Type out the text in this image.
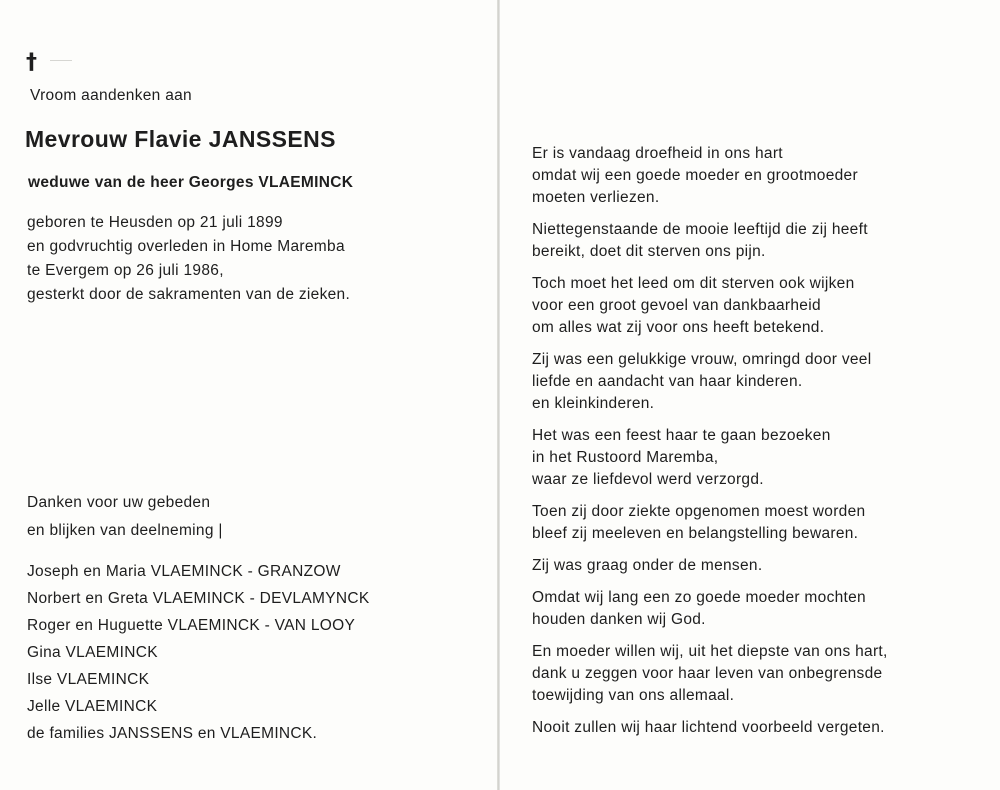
†
Vroom aandenken aan
Mevrouw Flavie JANSSENS
weduwe van de heer Georges VLAEMINCK
geboren te Heusden op 21 juli 1899
en godvruchtig overleden in Home Maremba
te Evergem op 26 juli 1986,
gesterkt door de sakramenten van de zieken.
Danken voor uw gebeden
en blijken van deelneming |
Joseph en Maria VLAEMINCK - GRANZOW
Norbert en Greta VLAEMINCK - DEVLAMYNCK
Roger en Huguette VLAEMINCK - VAN LOOY
Gina VLAEMINCK
Ilse VLAEMINCK
Jelle VLAEMINCK
de families JANSSENS en VLAEMINCK.
Er is vandaag droefheid in ons hart
omdat wij een goede moeder en grootmoeder
moeten verliezen.
Niettegenstaande de mooie leeftijd die zij heeft
bereikt, doet dit sterven ons pijn.
Toch moet het leed om dit sterven ook wijken
voor een groot gevoel van dankbaarheid
om alles wat zij voor ons heeft betekend.
Zij was een gelukkige vrouw, omringd door veel
liefde en aandacht van haar kinderen.
en kleinkinderen.
Het was een feest haar te gaan bezoeken
in het Rustoord Maremba,
waar ze liefdevol werd verzorgd.
Toen zij door ziekte opgenomen moest worden
bleef zij meeleven en belangstelling bewaren.
Zij was graag onder de mensen.
Omdat wij lang een zo goede moeder mochten
houden danken wij God.
En moeder willen wij, uit het diepste van ons hart,
dank u zeggen voor haar leven van onbegrensde
toewijding van ons allemaal.
Nooit zullen wij haar lichtend voorbeeld vergeten.
